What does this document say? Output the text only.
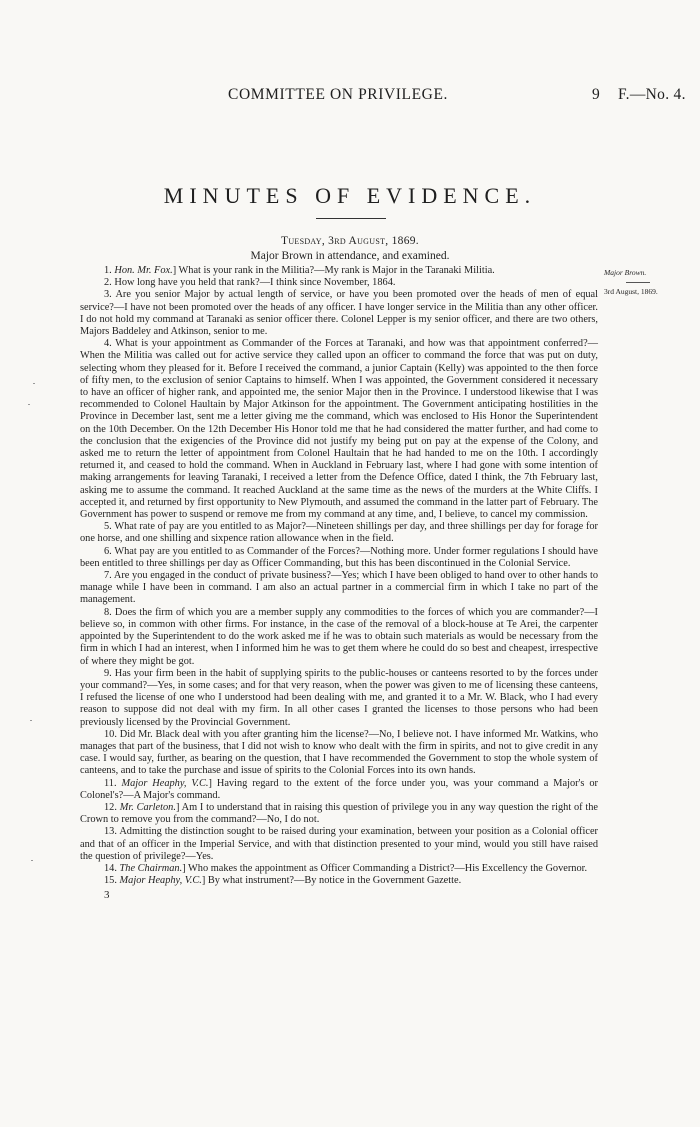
COMMITTEE ON PRIVILEGE.	9 F.—No. 4.
MINUTES OF EVIDENCE.
Tuesday, 3rd August, 1869.
Major Brown in attendance, and examined.
Major Brown.
3rd August, 1869.

1. Hon. Mr. Fox.] What is your rank in the Militia?—My rank is Major in the Taranaki Militia.

2. How long have you held that rank?—I think since November, 1864.

3. Are you senior Major by actual length of service, or have you been promoted over the heads of men of equal service?—I have not been promoted over the heads of any officer. I have longer service in the Militia than any other officer. I do not hold my command at Taranaki as senior officer there. Colonel Lepper is my senior officer, and there are two others, Majors Baddeley and Atkinson, senior to me.

4. What is your appointment as Commander of the Forces at Taranaki, and how was that appointment conferred?—When the Militia was called out for active service they called upon an officer to command the force that was put on duty, selecting whom they pleased for it. Before I received the command, a junior Captain (Kelly) was appointed to the then force of fifty men, to the exclusion of senior Captains to himself. When I was appointed, the Government considered it necessary to have an officer of higher rank, and appointed me, the senior Major then in the Province. I understood likewise that I was recommended to Colonel Haultain by Major Atkinson for the appointment. The Government anticipating hostilities in the Province in December last, sent me a letter giving me the command, which was enclosed to His Honor the Superintendent on the 10th December. On the 12th December His Honor told me that he had considered the matter further, and had come to the conclusion that the exigencies of the Province did not justify my being put on pay at the expense of the Colony, and asked me to return the letter of appointment from Colonel Haultain that he had handed to me on the 10th. I accordingly returned it, and ceased to hold the command. When in Auckland in February last, where I had gone with some intention of making arrangements for leaving Taranaki, I received a letter from the Defence Office, dated I think, the 7th February last, asking me to assume the command. It reached Auckland at the same time as the news of the murders at the White Cliffs. I accepted it, and returned by first opportunity to New Plymouth, and assumed the command in the latter part of February. The Government has power to suspend or remove me from my command at any time, and, I believe, to cancel my commission.

5. What rate of pay are you entitled to as Major?—Nineteen shillings per day, and three shillings per day for forage for one horse, and one shilling and sixpence ration allowance when in the field.

6. What pay are you entitled to as Commander of the Forces?—Nothing more. Under former regulations I should have been entitled to three shillings per day as Officer Commanding, but this has been discontinued in the Colonial Service.

7. Are you engaged in the conduct of private business?—Yes; which I have been obliged to hand over to other hands to manage while I have been in command. I am also an actual partner in a commercial firm in which I take no part of the management.

8. Does the firm of which you are a member supply any commodities to the forces of which you are commander?—I believe so, in common with other firms. For instance, in the case of the removal of a block-house at Te Arei, the carpenter appointed by the Superintendent to do the work asked me if he was to obtain such materials as would be necessary from the firm in which I had an interest, when I informed him he was to get them where he could do so best and cheapest, irrespective of where they might be got.

9. Has your firm been in the habit of supplying spirits to the public-houses or canteens resorted to by the forces under your command?—Yes, in some cases; and for that very reason, when the power was given to me of licensing these canteens, I refused the license of one who I understood had been dealing with me, and granted it to a Mr. W. Black, who I had every reason to suppose did not deal with my firm. In all other cases I granted the licenses to those persons who had been previously licensed by the Provincial Government.

10. Did Mr. Black deal with you after granting him the license?—No, I believe not. I have informed Mr. Watkins, who manages that part of the business, that I did not wish to know who dealt with the firm in spirits, and not to give credit in any case. I would say, further, as bearing on the question, that I have recommended the Government to stop the whole system of canteens, and to take the purchase and issue of spirits to the Colonial Forces into its own hands.

11. Major Heaphy, V.C.] Having regard to the extent of the force under you, was your command a Major's or Colonel's?—A Major's command.

12. Mr. Carleton.] Am I to understand that in raising this question of privilege you in any way question the right of the Crown to remove you from the command?—No, I do not.

13. Admitting the distinction sought to be raised during your examination, between your position as a Colonial officer and that of an officer in the Imperial Service, and with that distinction presented to your mind, would you still have raised the question of privilege?—Yes.

14. The Chairman.] Who makes the appointment as Officer Commanding a District?—His Excellency the Governor.

15. Major Heaphy, V.C.] By what instrument?—By notice in the Government Gazette.

3
